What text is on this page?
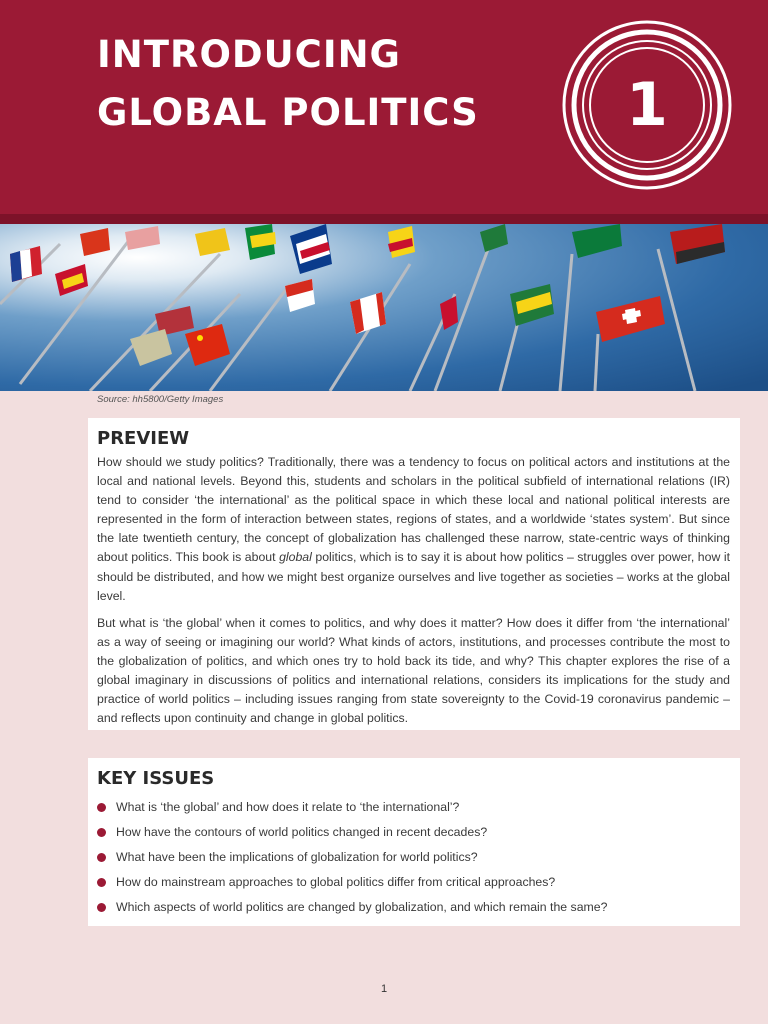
INTRODUCING
GLOBAL POLITICS	1
Source: hh5800/Getty Images
PREVIEW

How should we study politics? Traditionally, there was a tendency to focus on political actors and institutions at the local and national levels. Beyond this, students and scholars in the political subfield of international relations (IR) tend to consider ‘the international’ as the political space in which these local and national political interests are represented in the form of interaction between states, regions of states, and a worldwide ‘states system’. But since the late twentieth century, the concept of globalization has challenged these narrow, state-centric ways of thinking about politics. This book is about global politics, which is to say it is about how politics – struggles over power, how it should be distributed, and how we might best organize ourselves and live together as societies – works at the global level.

But what is ‘the global’ when it comes to politics, and why does it matter? How does it differ from ‘the international’ as a way of seeing or imagining our world? What kinds of actors, institutions, and processes contribute the most to the globalization of politics, and which ones try to hold back its tide, and why? This chapter explores the rise of a global imaginary in discussions of politics and international relations, considers its implications for the study and practice of world politics – including issues ranging from state sovereignty to the Covid-19 coronavirus pandemic – and reflects upon continuity and change in global politics.

KEY ISSUES
What is ‘the global’ and how does it relate to ‘the international’?
How have the contours of world politics changed in recent decades?
What have been the implications of globalization for world politics?
How do mainstream approaches to global politics differ from critical approaches?
Which aspects of world politics are changed by globalization, and which remain the same?
1
